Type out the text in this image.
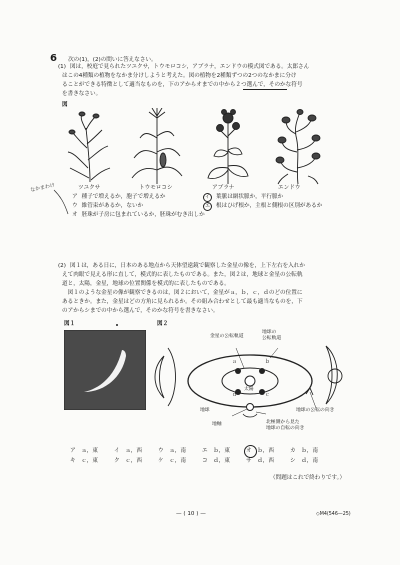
6 次の(1)，(2)の問いに答えなさい。
(1) 図は，校庭で見られたツユクサ，トウモロコシ，アブラナ，エンドウの模式図である。太郎さん
はこの4種類の植物をなかま分けしようと考えた。図の植物を2種類ずつの2つのなかまに分け
ることができる特徴として適当なものを，下のアからオまでの中から２つ選んで，そのかな符号
を書きなさい。
図
ツユクサ	トウモロコシ	アブラナ	エンドウ
なかまわけ
ア 種子で増えるか，胞子で増えるか
ウ 維管束があるか，ないか
オ 胚珠が子房に包まれているか，胚珠がむき出しか
イ 葉脈は網状脈か，平行脈か
エ 根はひげ根か，主根と側根の区別があるか
(2) 図１は，ある日に，日本のある地点から天体望遠鏡で観察した金星の像を，上下左右を入れか
えて肉眼で見える形に直して，模式的に表したものである。また，図２は，地球と金星の公転軌
道と，太陽，金星，地球の位置関係を模式的に表したものである。
　図１のような金星の像が観察できるのは，図２において，金星がａ，ｂ，ｃ，ｄのどの位置に
あるときか。また，金星はどの方角に見られるか。その組み合わせとして最も適当なものを，下
のアからシまでの中から選んで，そのかな符号を書きなさい。
図１	図２
金星の公転軌道
地球の
公転軌道
太陽
ａ	ｂ
ｃ
ｄ
地球
地軸
地球の公転の向き
北極側から見た
地球の自転の向き
ア　ａ，東	イ　ａ，西	ウ　ａ，南	エ　ｂ，東	オ　ｂ，西	カ　ｂ，南
キ　ｃ，東	ク　ｃ，西	ケ　ｃ，南	コ　ｄ，東	サ　ｄ，西	シ　ｄ，南
（問題はこれで終わりです。）
— ( 10 ) —	◇M4(546—25)
